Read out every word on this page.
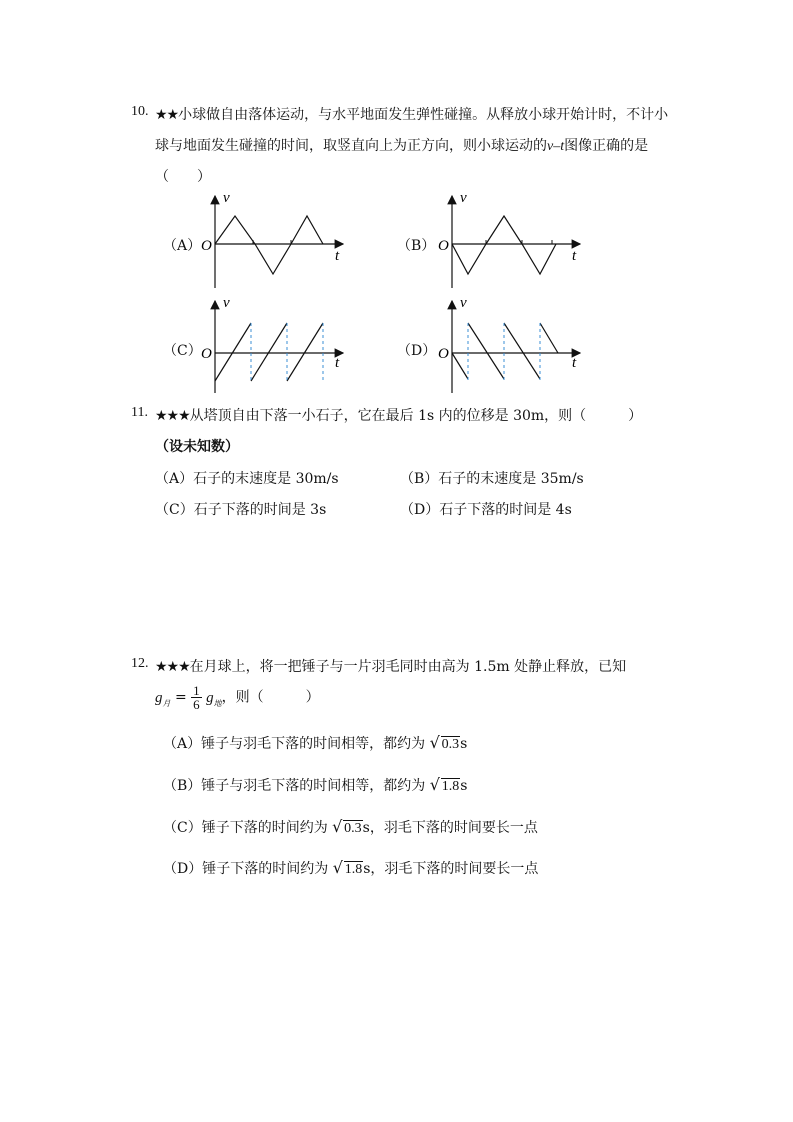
10. ★★小球做自由落体运动，与水平地面发生弹性碰撞。从释放小球开始计时，不计小
球与地面发生碰撞的时间，取竖直向上为正方向，则小球运动的v–t图像正确的是
（　　）
（A）	（B）
（C）	（D）
v
t
O
v
t
O
v
t
O
v
t
O
11. ★★★从塔顶自由下落一小石子，它在最后 1s 内的位移是 30m，则（　　　）
（设未知数）
（A）石子的末速度是 30m/s	（B）石子的末速度是 35m/s
（C）石子下落的时间是 3s	（D）石子下落的时间是 4s
12. ★★★在月球上，将一把锤子与一片羽毛同时由高为 1.5m 处静止释放，已知
$g_月 = \frac{1}{6} g_地$，则（　　　）
（A）锤子与羽毛下落的时间相等，都约为 √ 0.3s
（B）锤子与羽毛下落的时间相等，都约为 √ 1.8s
（C）锤子下落的时间约为 √ 0.3s，羽毛下落的时间要长一点
（D）锤子下落的时间约为 √ 1.8s，羽毛下落的时间要长一点
